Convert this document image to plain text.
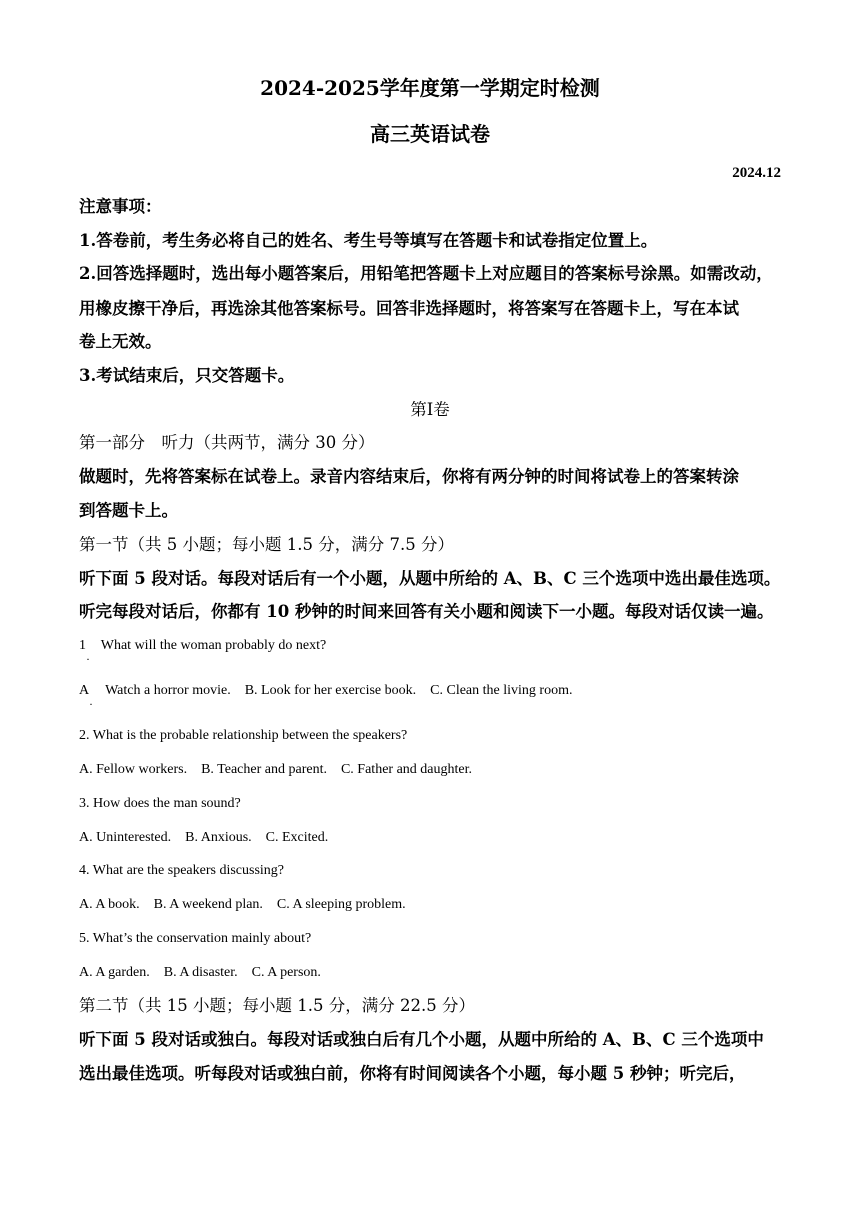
2024-2025学年度第一学期定时检测
高三英语试卷
2024.12
注意事项：
1.答卷前，考生务必将自己的姓名、考生号等填写在答题卡和试卷指定位置上。
2.回答选择题时，选出每小题答案后，用铅笔把答题卡上对应题目的答案标号涂黑。如需改动，
用橡皮擦干净后，再选涂其他答案标号。回答非选择题时，将答案写在答题卡上，写在本试
卷上无效。
3.考试结束后，只交答题卡。
第Ⅰ卷
第一部分　听力（共两节，满分 30 分）
做题时，先将答案标在试卷上。录音内容结束后，你将有两分钟的时间将试卷上的答案转涂
到答题卡上。
第一节（共 5 小题；每小题 1.5 分，满分 7.5 分）
听下面 5 段对话。每段对话后有一个小题，从题中所给的 A、B、C 三个选项中选出最佳选项。
听完每段对话后，你都有 10 秒钟的时间来回答有关小题和阅读下一小题。每段对话仅读一遍。
1 What will the woman probably do next?
·
A Watch a horror movie.    B. Look for her exercise book.    C. Clean the living room.
·
2. What is the probable relationship between the speakers?
A. Fellow workers.    B. Teacher and parent.    C. Father and daughter.
3. How does the man sound?
A. Uninterested.    B. Anxious.    C. Excited.
4. What are the speakers discussing?
A. A book.    B. A weekend plan.    C. A sleeping problem.
5. What’s the conservation mainly about?
A. A garden.    B. A disaster.    C. A person.
第二节（共 15 小题；每小题 1.5 分，满分 22.5 分）
听下面 5 段对话或独白。每段对话或独白后有几个小题，从题中所给的 A、B、C 三个选项中
选出最佳选项。听每段对话或独白前，你将有时间阅读各个小题，每小题 5 秒钟；听完后，
